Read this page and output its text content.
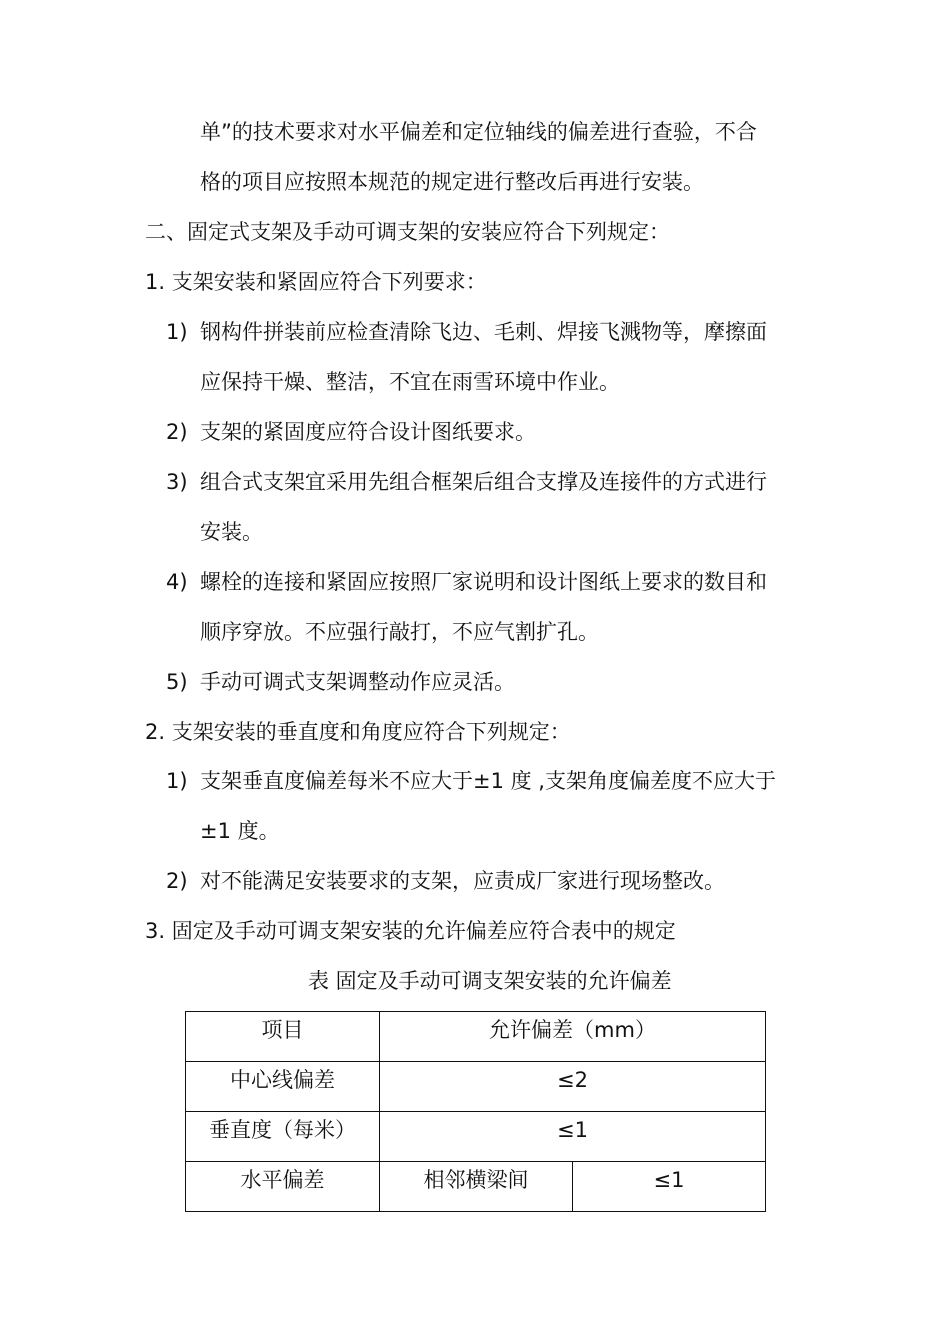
单”的技术要求对水平偏差和定位轴线的偏差进行查验，不合
格的项目应按照本规范的规定进行整改后再进行安装。
二、固定式支架及手动可调支架的安装应符合下列规定：
1. 支架安装和紧固应符合下列要求：
1) 钢构件拼装前应检查清除飞边、毛刺、焊接飞溅物等，摩擦面
应保持干燥、整洁，不宜在雨雪环境中作业。
2) 支架的紧固度应符合设计图纸要求。
3) 组合式支架宜采用先组合框架后组合支撑及连接件的方式进行
安装。
4) 螺栓的连接和紧固应按照厂家说明和设计图纸上要求的数目和
顺序穿放。不应强行敲打，不应气割扩孔。
5) 手动可调式支架调整动作应灵活。
2. 支架安装的垂直度和角度应符合下列规定：
1) 支架垂直度偏差每米不应大于±1 度 ,支架角度偏差度不应大于
±1 度。
2) 对不能满足安装要求的支架，应责成厂家进行现场整改。
3. 固定及手动可调支架安装的允许偏差应符合表中的规定
表 固定及手动可调支架安装的允许偏差
项目	允许偏差（mm）	
中心线偏差	≤2	
垂直度（每米）	≤1	
水平偏差	相邻横梁间	≤1
